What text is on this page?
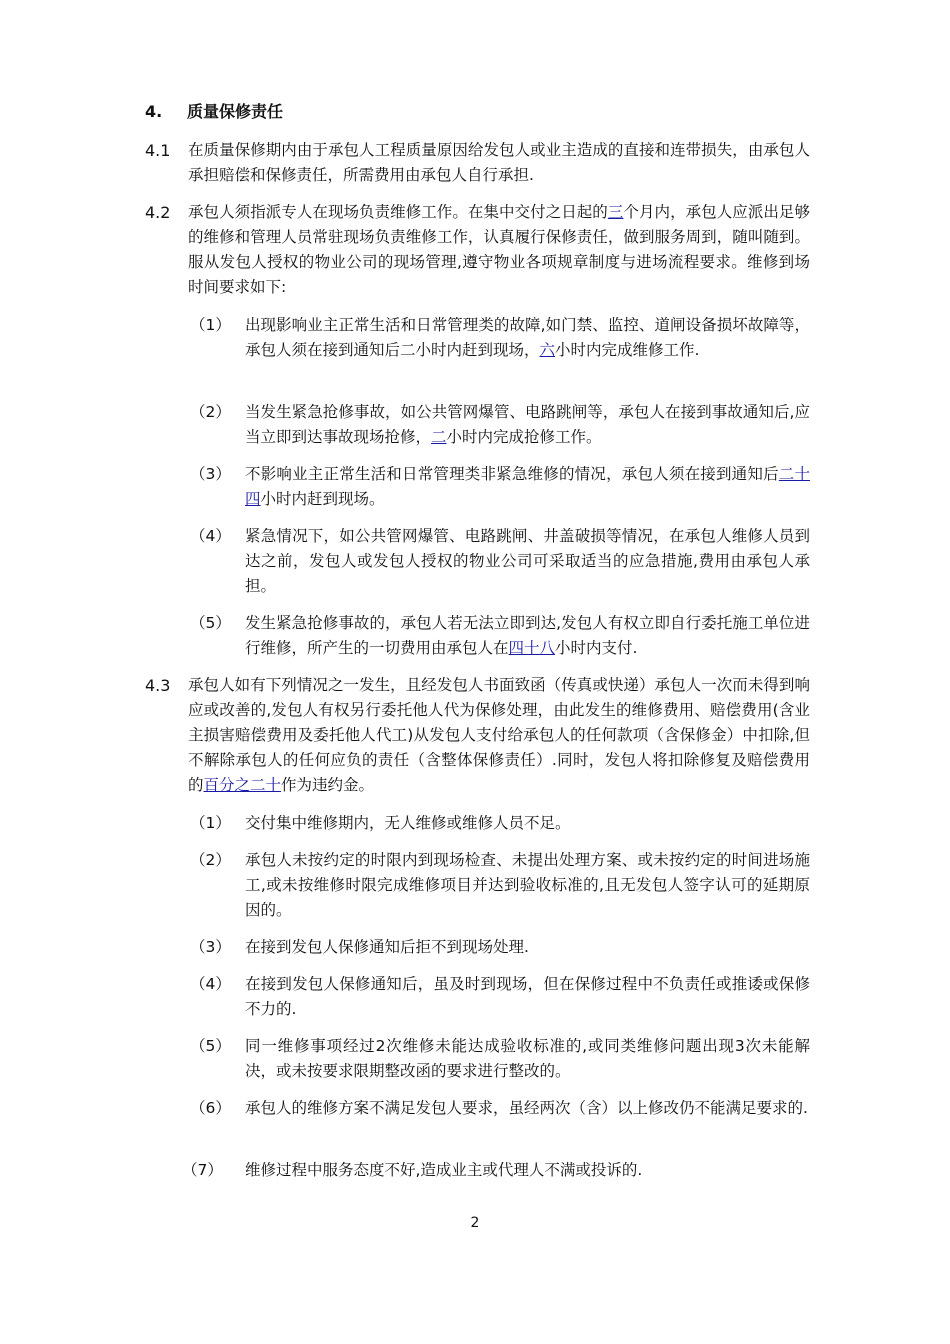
4. 质量保修责任
4.1 在质量保修期内由于承包人工程质量原因给发包人或业主造成的直接和连带损失，由承包人承担赔偿和保修责任，所需费用由承包人自行承担.
4.2 承包人须指派专人在现场负责维修工作。在集中交付之日起的三个月内，承包人应派出足够的维修和管理人员常驻现场负责维修工作，认真履行保修责任，做到服务周到，随叫随到。服从发包人授权的物业公司的现场管理,遵守物业各项规章制度与进场流程要求。维修到场时间要求如下:
（1） 出现影响业主正常生活和日常管理类的故障,如门禁、监控、道闸设备损坏故障等，承包人须在接到通知后二小时内赶到现场，六小时内完成维修工作.
（2） 当发生紧急抢修事故，如公共管网爆管、电路跳闸等，承包人在接到事故通知后,应当立即到达事故现场抢修，二小时内完成抢修工作。
（3） 不影响业主正常生活和日常管理类非紧急维修的情况，承包人须在接到通知后二十四小时内赶到现场。
（4） 紧急情况下，如公共管网爆管、电路跳闸、井盖破损等情况，在承包人维修人员到达之前，发包人或发包人授权的物业公司可采取适当的应急措施,费用由承包人承担。
（5） 发生紧急抢修事故的，承包人若无法立即到达,发包人有权立即自行委托施工单位进行维修，所产生的一切费用由承包人在四十八小时内支付.
4.3 承包人如有下列情况之一发生，且经发包人书面致函（传真或快递）承包人一次而未得到响应或改善的,发包人有权另行委托他人代为保修处理，由此发生的维修费用、赔偿费用(含业主损害赔偿费用及委托他人代工)从发包人支付给承包人的任何款项（含保修金）中扣除,但不解除承包人的任何应负的责任（含整体保修责任）.同时，发包人将扣除修复及赔偿费用的百分之二十作为违约金。
（1） 交付集中维修期内，无人维修或维修人员不足。
（2） 承包人未按约定的时限内到现场检查、未提出处理方案、或未按约定的时间进场施工,或未按维修时限完成维修项目并达到验收标准的,且无发包人签字认可的延期原因的。
（3） 在接到发包人保修通知后拒不到现场处理.
（4） 在接到发包人保修通知后，虽及时到现场，但在保修过程中不负责任或推诿或保修不力的.
（5） 同一维修事项经过2次维修未能达成验收标准的,或同类维修问题出现3次未能解决，或未按要求限期整改函的要求进行整改的。
（6） 承包人的维修方案不满足发包人要求，虽经两次（含）以上修改仍不能满足要求的.
（7） 维修过程中服务态度不好,造成业主或代理人不满或投诉的.
2
